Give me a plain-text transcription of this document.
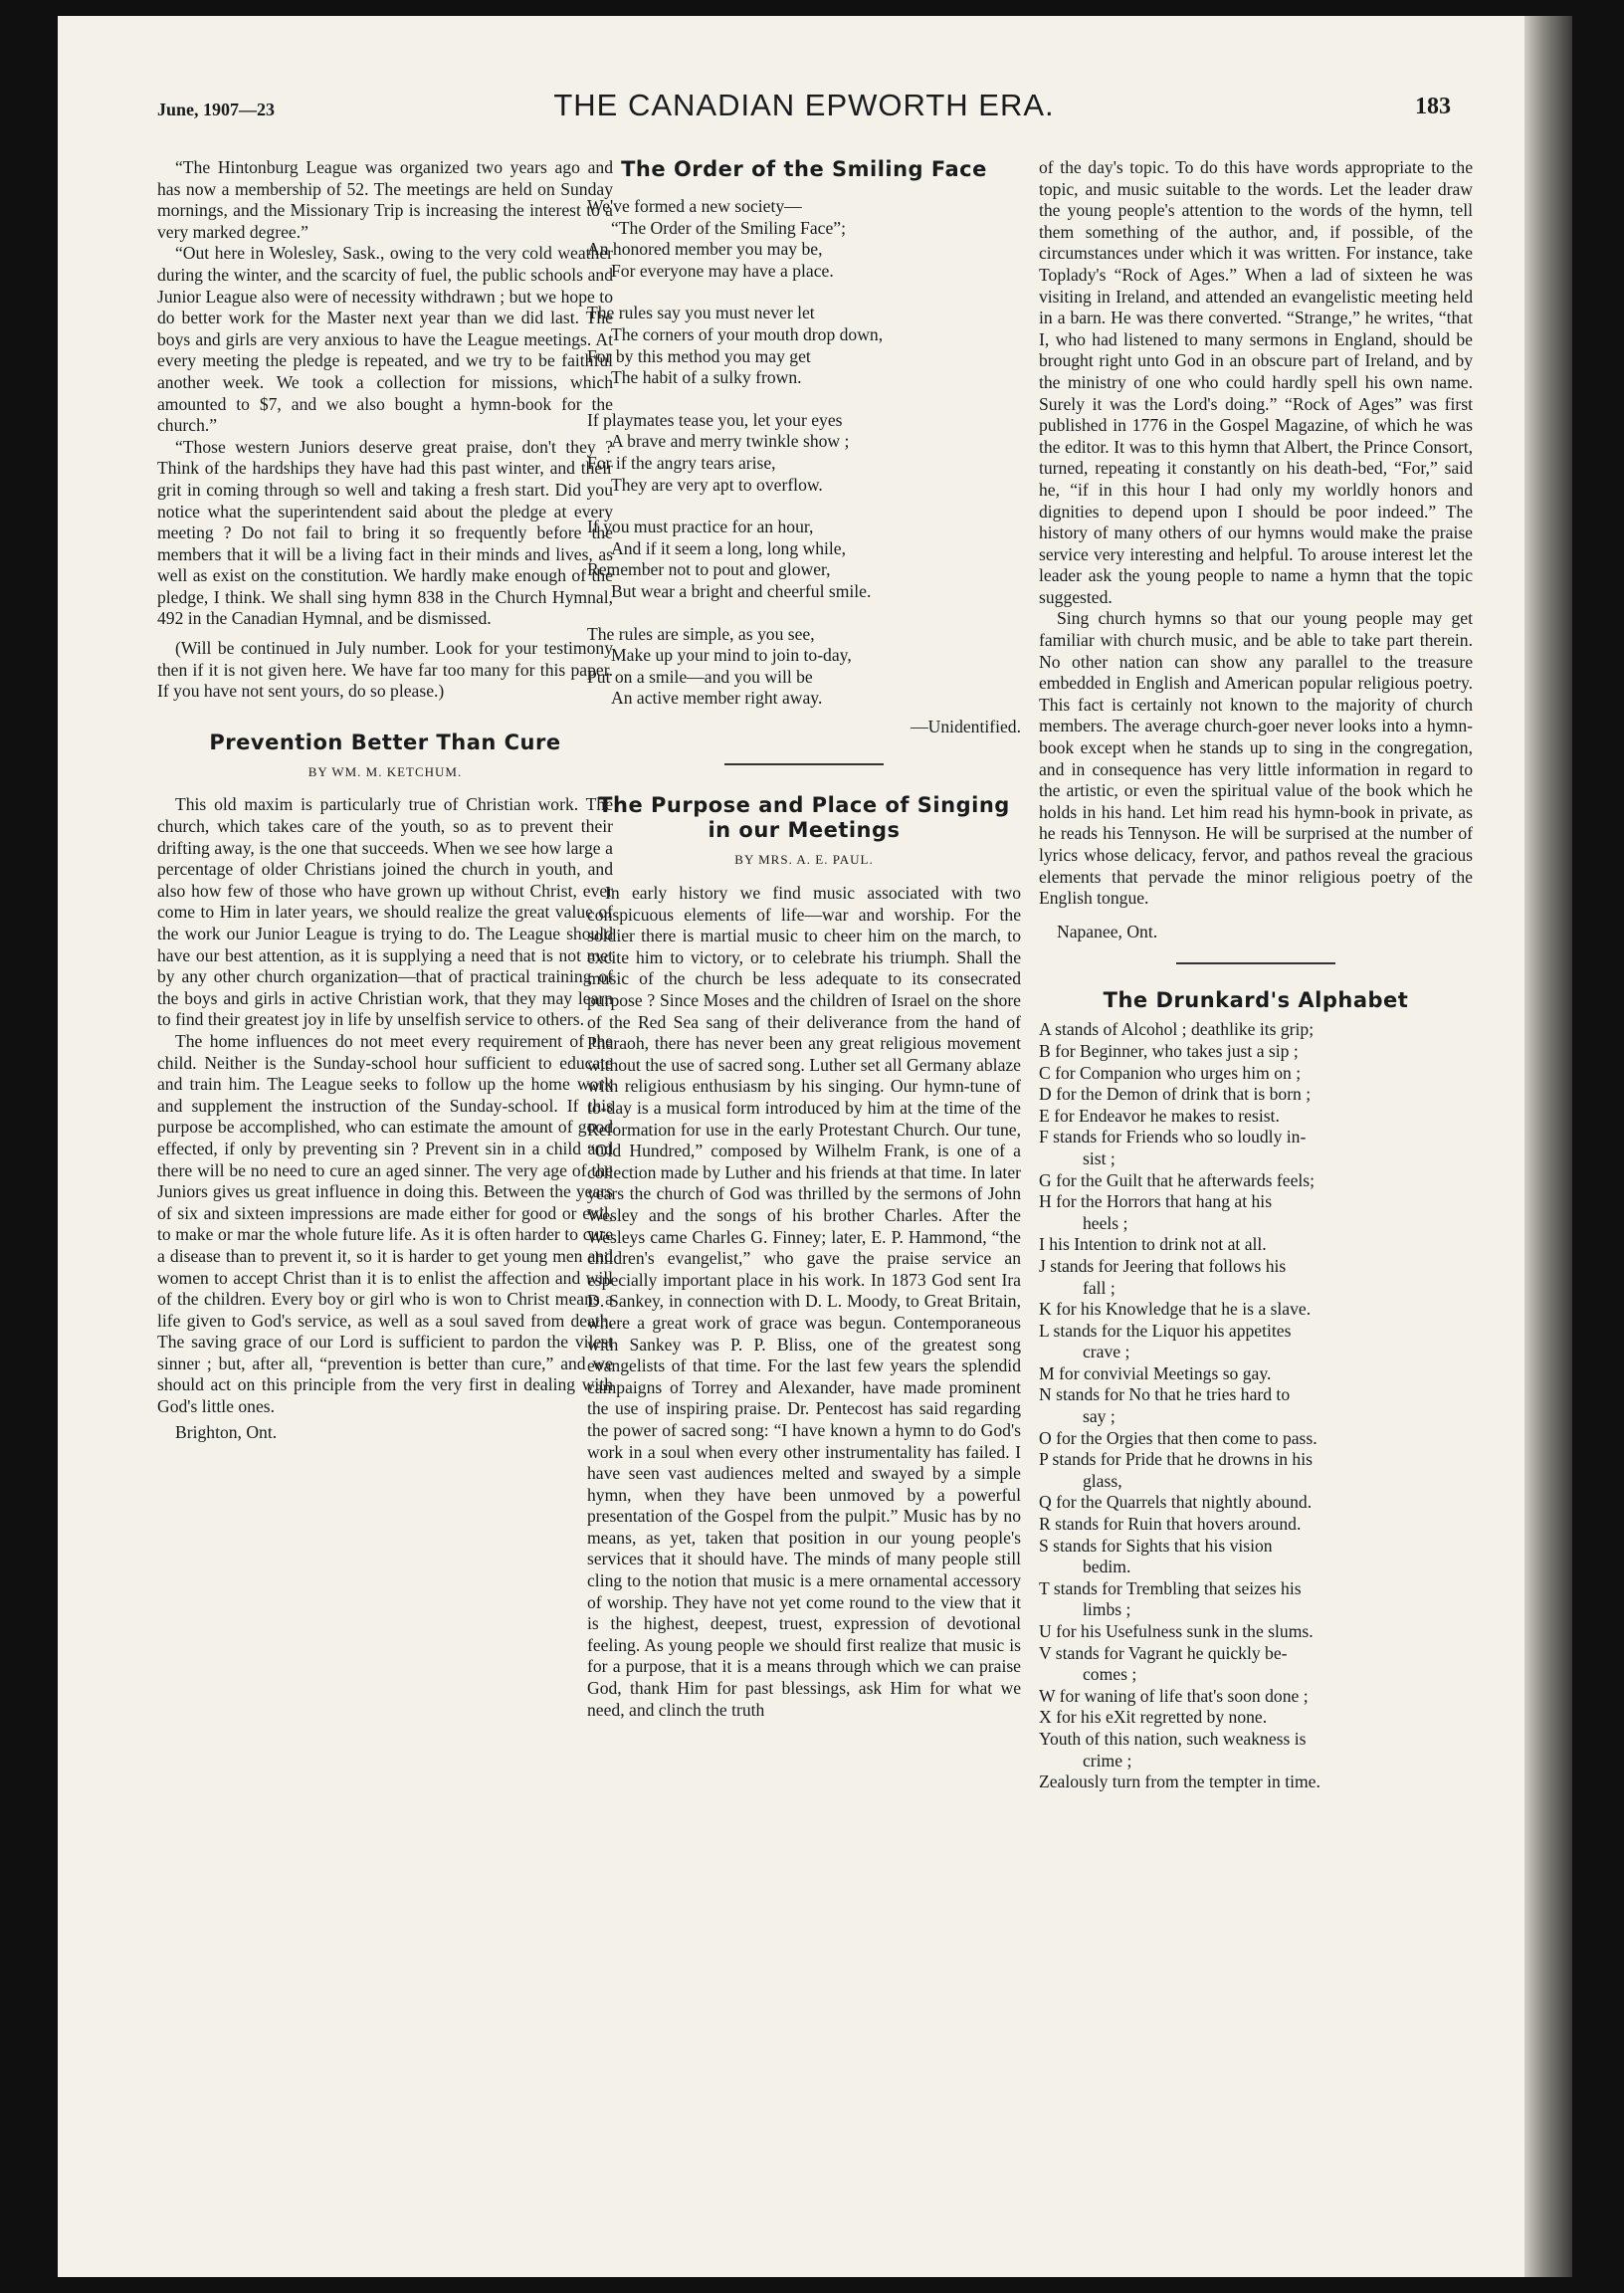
June, 1907—23	THE CANADIAN EPWORTH ERA.	183

“The Hintonburg League was organized two years ago and has now a membership of 52. The meetings are held on Sunday mornings, and the Missionary Trip is increasing the interest to a very marked degree.”

“Out here in Wolesley, Sask., owing to the very cold weather during the winter, and the scarcity of fuel, the public schools and Junior League also were of necessity withdrawn ; but we hope to do better work for the Master next year than we did last. The boys and girls are very anxious to have the League meetings. At every meeting the pledge is repeated, and we try to be faithful another week. We took a collection for missions, which amounted to $7, and we also bought a hymn-book for the church.”

“Those western Juniors deserve great praise, don't they ? Think of the hardships they have had this past winter, and their grit in coming through so well and taking a fresh start. Did you notice what the superintendent said about the pledge at every meeting ? Do not fail to bring it so frequently before the members that it will be a living fact in their minds and lives, as well as exist on the constitution. We hardly make enough of the pledge, I think. We shall sing hymn 838 in the Church Hymnal, 492 in the Canadian Hymnal, and be dismissed.

(Will be continued in July number. Look for your testimony then if it is not given here. We have far too many for this paper. If you have not sent yours, do so please.)

Prevention Better Than Cure
BY WM. M. KETCHUM.

This old maxim is particularly true of Christian work. The church, which takes care of the youth, so as to prevent their drifting away, is the one that succeeds. When we see how large a percentage of older Christians joined the church in youth, and also how few of those who have grown up without Christ, ever come to Him in later years, we should realize the great value of the work our Junior League is trying to do. The League should have our best attention, as it is supplying a need that is not met by any other church organization—that of practical training of the boys and girls in active Christian work, that they may learn to find their greatest joy in life by unselfish service to others.

The home influences do not meet every requirement of the child. Neither is the Sunday-school hour sufficient to educate and train him. The League seeks to follow up the home work and supplement the instruction of the Sunday-school. If this purpose be accomplished, who can estimate the amount of good effected, if only by preventing sin ? Prevent sin in a child and there will be no need to cure an aged sinner. The very age of the Juniors gives us great influence in doing this. Between the years of six and sixteen impressions are made either for good or evil, to make or mar the whole future life. As it is often harder to cure a disease than to prevent it, so it is harder to get young men and women to accept Christ than it is to enlist the affection and will of the children. Every boy or girl who is won to Christ means a life given to God's service, as well as a soul saved from death. The saving grace of our Lord is sufficient to pardon the vilest sinner ; but, after all, “prevention is better than cure,” and we should act on this principle from the very first in dealing with God's little ones.

Brighton, Ont.
The Order of the Smiling Face
We've formed a new society—
“The Order of the Smiling Face”;
An honored member you may be,
For everyone may have a place.
The rules say you must never let
The corners of your mouth drop down,
For by this method you may get
The habit of a sulky frown.
If playmates tease you, let your eyes
A brave and merry twinkle show ;
For if the angry tears arise,
They are very apt to overflow.
If you must practice for an hour,
And if it seem a long, long while,
Remember not to pout and glower,
But wear a bright and cheerful smile.
The rules are simple, as you see,
Make up your mind to join to-day,
Put on a smile—and you will be
An active member right away.
—Unidentified.
The Purpose and Place of Singing in our Meetings
BY MRS. A. E. PAUL.

In early history we find music associated with two conspicuous elements of life—war and worship. For the soldier there is martial music to cheer him on the march, to excite him to victory, or to celebrate his triumph. Shall the music of the church be less adequate to its consecrated purpose ? Since Moses and the children of Israel on the shore of the Red Sea sang of their deliverance from the hand of Pharaoh, there has never been any great religious movement without the use of sacred song. Luther set all Germany ablaze with religious enthusiasm by his singing. Our hymn-tune of to-day is a musical form introduced by him at the time of the Reformation for use in the early Protestant Church. Our tune, “Old Hundred,” composed by Wilhelm Frank, is one of a collection made by Luther and his friends at that time. In later years the church of God was thrilled by the sermons of John Wesley and the songs of his brother Charles. After the Wesleys came Charles G. Finney; later, E. P. Hammond, “the children's evangelist,” who gave the praise service an especially important place in his work. In 1873 God sent Ira D. Sankey, in connection with D. L. Moody, to Great Britain, where a great work of grace was begun. Contemporaneous with Sankey was P. P. Bliss, one of the greatest song evangelists of that time. For the last few years the splendid campaigns of Torrey and Alexander, have made prominent the use of inspiring praise. Dr. Pentecost has said regarding the power of sacred song: “I have known a hymn to do God's work in a soul when every other instrumentality has failed. I have seen vast audiences melted and swayed by a simple hymn, when they have been unmoved by a powerful presentation of the Gospel from the pulpit.” Music has by no means, as yet, taken that position in our young people's services that it should have. The minds of many people still cling to the notion that music is a mere ornamental accessory of worship. They have not yet come round to the view that it is the highest, deepest, truest, expression of devotional feeling. As young people we should first realize that music is for a purpose, that it is a means through which we can praise God, thank Him for past blessings, ask Him for what we need, and clinch the truth

of the day's topic. To do this have words appropriate to the topic, and music suitable to the words. Let the leader draw the young people's attention to the words of the hymn, tell them something of the author, and, if possible, of the circumstances under which it was written. For instance, take Toplady's “Rock of Ages.” When a lad of sixteen he was visiting in Ireland, and attended an evangelistic meeting held in a barn. He was there converted. “Strange,” he writes, “that I, who had listened to many sermons in England, should be brought right unto God in an obscure part of Ireland, and by the ministry of one who could hardly spell his own name. Surely it was the Lord's doing.” “Rock of Ages” was first published in 1776 in the Gospel Magazine, of which he was the editor. It was to this hymn that Albert, the Prince Consort, turned, repeating it constantly on his death-bed, “For,” said he, “if in this hour I had only my worldly honors and dignities to depend upon I should be poor indeed.” The history of many others of our hymns would make the praise service very interesting and helpful. To arouse interest let the leader ask the young people to name a hymn that the topic suggested.

Sing church hymns so that our young people may get familiar with church music, and be able to take part therein. No other nation can show any parallel to the treasure embedded in English and American popular religious poetry. This fact is certainly not known to the majority of church members. The average church-goer never looks into a hymn-book except when he stands up to sing in the congregation, and in consequence has very little information in regard to the artistic, or even the spiritual value of the book which he holds in his hand. Let him read his hymn-book in private, as he reads his Tennyson. He will be surprised at the number of lyrics whose delicacy, fervor, and pathos reveal the gracious elements that pervade the minor religious poetry of the English tongue.

Napanee, Ont.
The Drunkard's Alphabet
A stands of Alcohol ; deathlike its grip;
B for Beginner, who takes just a sip ;
C for Companion who urges him on ;
D for the Demon of drink that is born ;
E for Endeavor he makes to resist.
F stands for Friends who so loudly in-
sist ;
G for the Guilt that he afterwards feels;
H for the Horrors that hang at his
heels ;
I his Intention to drink not at all.
J stands for Jeering that follows his
fall ;
K for his Knowledge that he is a slave.
L stands for the Liquor his appetites
crave ;
M for convivial Meetings so gay.
N stands for No that he tries hard to
say ;
O for the Orgies that then come to pass.
P stands for Pride that he drowns in his
glass,
Q for the Quarrels that nightly abound.
R stands for Ruin that hovers around.
S stands for Sights that his vision
bedim.
T stands for Trembling that seizes his
limbs ;
U for his Usefulness sunk in the slums.
V stands for Vagrant he quickly be-
comes ;
W for waning of life that's soon done ;
X for his eXit regretted by none.
Youth of this nation, such weakness is
crime ;
Zealously turn from the tempter in time.
